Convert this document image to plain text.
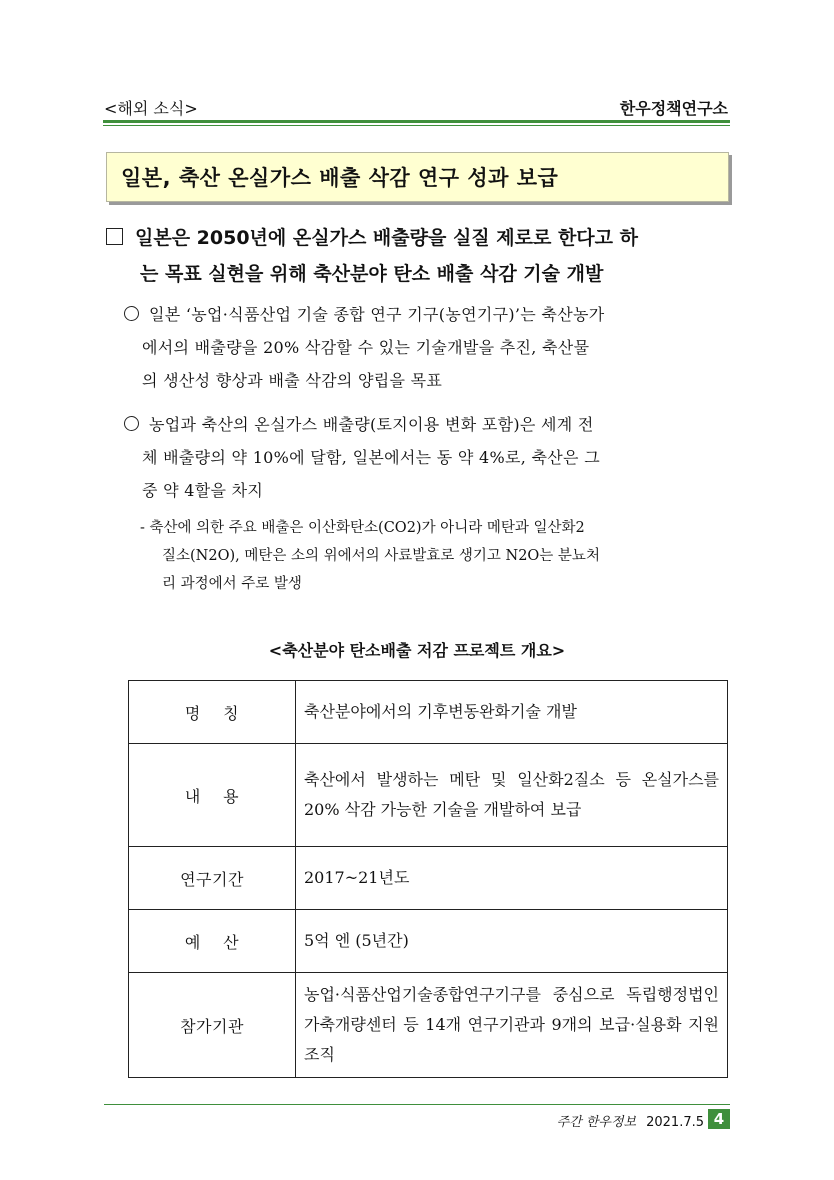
<해외 소식>	한우정책연구소
일본, 축산 온실가스 배출 삭감 연구 성과 보급
일본은 2050년에 온실가스 배출량을 실질 제로로 한다고 하
는 목표 실현을 위해 축산분야 탄소 배출 삭감 기술 개발
일본 ‘농업·식품산업 기술 종합 연구 기구(농연기구)’는 축산농가
에서의 배출량을 20% 삭감할 수 있는 기술개발을 추진, 축산물
의 생산성 향상과 배출 삭감의 양립을 목표
농업과 축산의 온실가스 배출량(토지이용 변화 포함)은 세계 전
체 배출량의 약 10%에 달함, 일본에서는 동 약 4%로, 축산은 그
중 약 4할을 차지
- 축산에 의한 주요 배출은 이산화탄소(CO2)가 아니라 메탄과 일산화2
질소(N2O), 메탄은 소의 위에서의 사료발효로 생기고 N2O는 분뇨처
리 과정에서 주로 발생
<축산분야 탄소배출 저감 프로젝트 개요>
명    칭	축산분야에서의 기후변동완화기술 개발
내    용	축산에서 발생하는 메탄 및 일산화2질소 등 온실가스를 20% 삭감 가능한 기술을 개발하여 보급
연구기간	2017~21년도
예    산	5억 엔 (5년간)
참가기관	농업·식품산업기술종합연구기구를 중심으로 독립행정법인 가축개량센터 등 14개 연구기관과 9개의 보급·실용화 지원조직
주간 한우정보 2021.7.5 4
